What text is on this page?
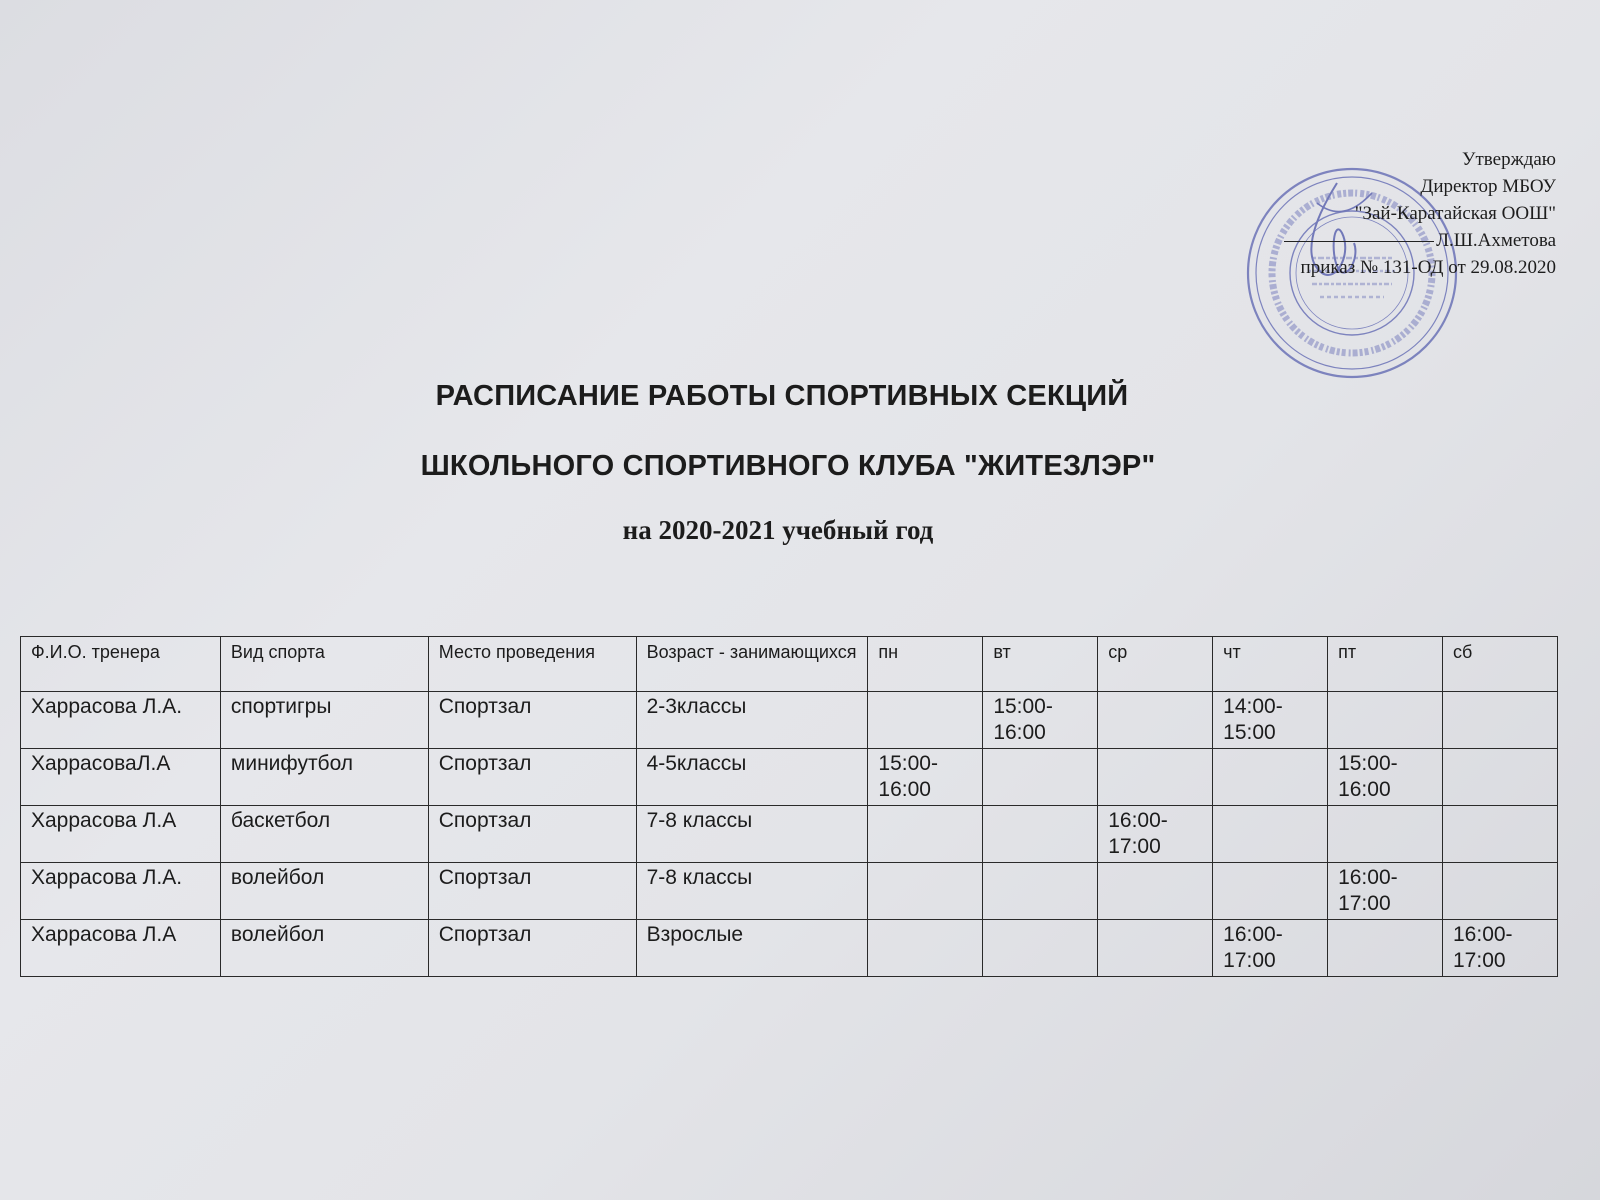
Утверждаю
Директор МБОУ
"Зай-Каратайская ООШ"
Л.Ш.Ахметова
приказ № 131-ОД от 29.08.2020
РАСПИСАНИЕ РАБОТЫ СПОРТИВНЫХ СЕКЦИЙ
ШКОЛЬНОГО СПОРТИВНОГО КЛУБА "ЖИТЕЗЛЭР"
на 2020-2021 учебный год
Ф.И.О. тренера	Вид спорта	Место проведения	Возраст - занимающихся	пн	вт	ср	чт	пт	сб
Харрасова Л.А.	спортигры	Спортзал	2-3классы		15:00-16:00		14:00-15:00		
ХаррасоваЛ.А	минифутбол	Спортзал	4-5классы	15:00-16:00				15:00-16:00	
Харрасова Л.А	баскетбол	Спортзал	7-8 классы			16:00-17:00			
Харрасова Л.А.	волейбол	Спортзал	7-8 классы					16:00-17:00	
Харрасова Л.А	волейбол	Спортзал	Взрослые				16:00-17:00		16:00-17:00
